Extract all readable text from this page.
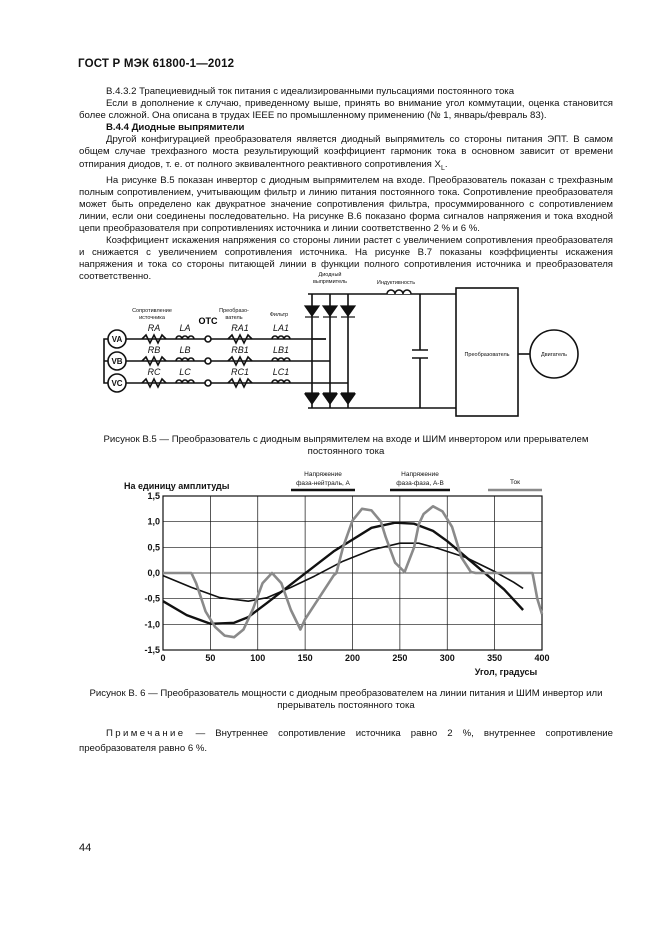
ГОСТ Р МЭК 61800-1—2012

В.4.3.2 Трапециевидный ток питания с идеализированными пульсациями постоянного тока

Если в дополнение к случаю, приведенному выше, принять во внимание угол коммутации, оценка становится более сложной. Она описана в трудах IEEE по промышленному применению (№ 1, январь/февраль 83).

В.4.4 Диодные выпрямители

Другой конфигурацией преобразователя является диодный выпрямитель со стороны питания ЭПТ. В самом общем случае трехфазного моста результирующий коэффициент гармоник тока в основном зависит от времени отпирания диодов, т. е. от полного эквивалентного реактивного сопротивления $X_L$.

На рисунке В.5 показан инвертор с диодным выпрямителем на входе. Преобразователь показан с трехфазным полным сопротивлением, учитывающим фильтр и линию питания постоянного тока. Сопротивление преобразователя может быть определено как двукратное значение сопротивления фильтра, просуммированного с сопротивлением линии, если они соединены последовательно. На рисунке В.6 показано форма сигналов напряжения и тока входной цепи преобразователя при сопротивлениях источника и линии соответственно 2 % и 6 %.

Коэффициент искажения напряжения со стороны линии растет с увеличением сопротивления преобразователя и снижается с увеличением сопротивления источника. На рисунке В.7 показаны коэффициенты искажения напряжения и тока со стороны питающей линии в функции полного сопротивления источника и преобразователя соответственно.

VA
VB
VC
RA
RB
RC
LA
LB
LC
RA1
RB1
RC1
LA1
LB1
LC1
ОТС
Сопротивление
источника
Преобразо-
ватель	Фильтр
Диодный
выпрямитель	Индуктивность
Преобразователь	Двигатель
Рисунок В.5 — Преобразователь с диодным выпрямителем на входе и ШИМ инвертором или прерывателем постоянного тока
1,5
1,0
0,5
0,0
-0,5
-1,0
-1,5
0	50	100	150	200	250	300	350	400
Напряжение
фаза-нейтраль, А
Напряжение
фаза-фаза, А-В	Ток
На единицу амплитуды
Угол, градусы
Рисунок В. 6 — Преобразователь мощности с диодным преобразователем на линии питания и ШИМ инвертор или прерыватель постоянного тока
Примечание — Внутреннее сопротивление источника равно 2 %, внутреннее сопротивление преобразователя равно 6 %.
44
